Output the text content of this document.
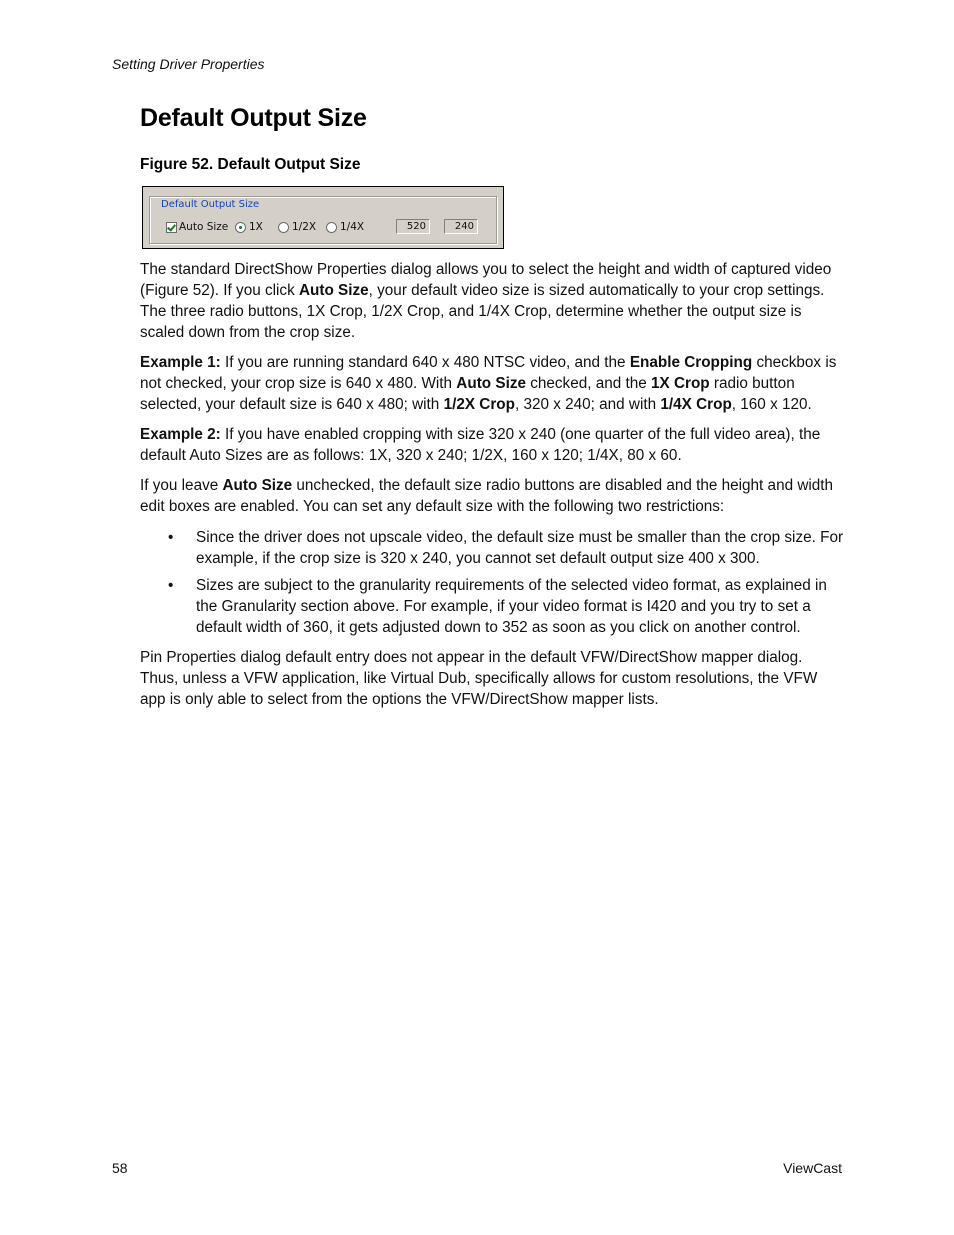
Setting Driver Properties
Default Output Size
Figure 52. Default Output Size
Default Output Size
Auto Size 1X	1/2X 1/4X	520	240

The standard DirectShow Properties dialog allows you to select the height and width of captured video (Figure 52). If you click Auto Size, your default video size is sized automatically to your crop settings. The three radio buttons, 1X Crop, 1/2X Crop, and 1/4X Crop, determine whether the output size is scaled down from the crop size.

Example 1: If you are running standard 640 x 480 NTSC video, and the Enable Cropping checkbox is not checked, your crop size is 640 x 480. With Auto Size checked, and the 1X Crop radio button selected, your default size is 640 x 480; with 1/2X Crop, 320 x 240; and with 1/4X Crop, 160 x 120.

Example 2: If you have enabled cropping with size 320 x 240 (one quarter of the full video area), the default Auto Sizes are as follows: 1X, 320 x 240; 1/2X, 160 x 120; 1/4X, 80 x 60.

If you leave Auto Size unchecked, the default size radio buttons are disabled and the height and width edit boxes are enabled. You can set any default size with the following two restrictions:

• Since the driver does not upscale video, the default size must be smaller than the crop size. For example, if the crop size is 320 x 240, you cannot set default output size 400 x 300.
• Sizes are subject to the granularity requirements of the selected video format, as explained in the Granularity section above. For example, if your video format is I420 and you try to set a default width of 360, it gets adjusted down to 352 as soon as you click on another control.

Pin Properties dialog default entry does not appear in the default VFW/DirectShow mapper dialog. Thus, unless a VFW application, like Virtual Dub, specifically allows for custom resolutions, the VFW app is only able to select from the options the VFW/DirectShow mapper lists.

58	ViewCast
